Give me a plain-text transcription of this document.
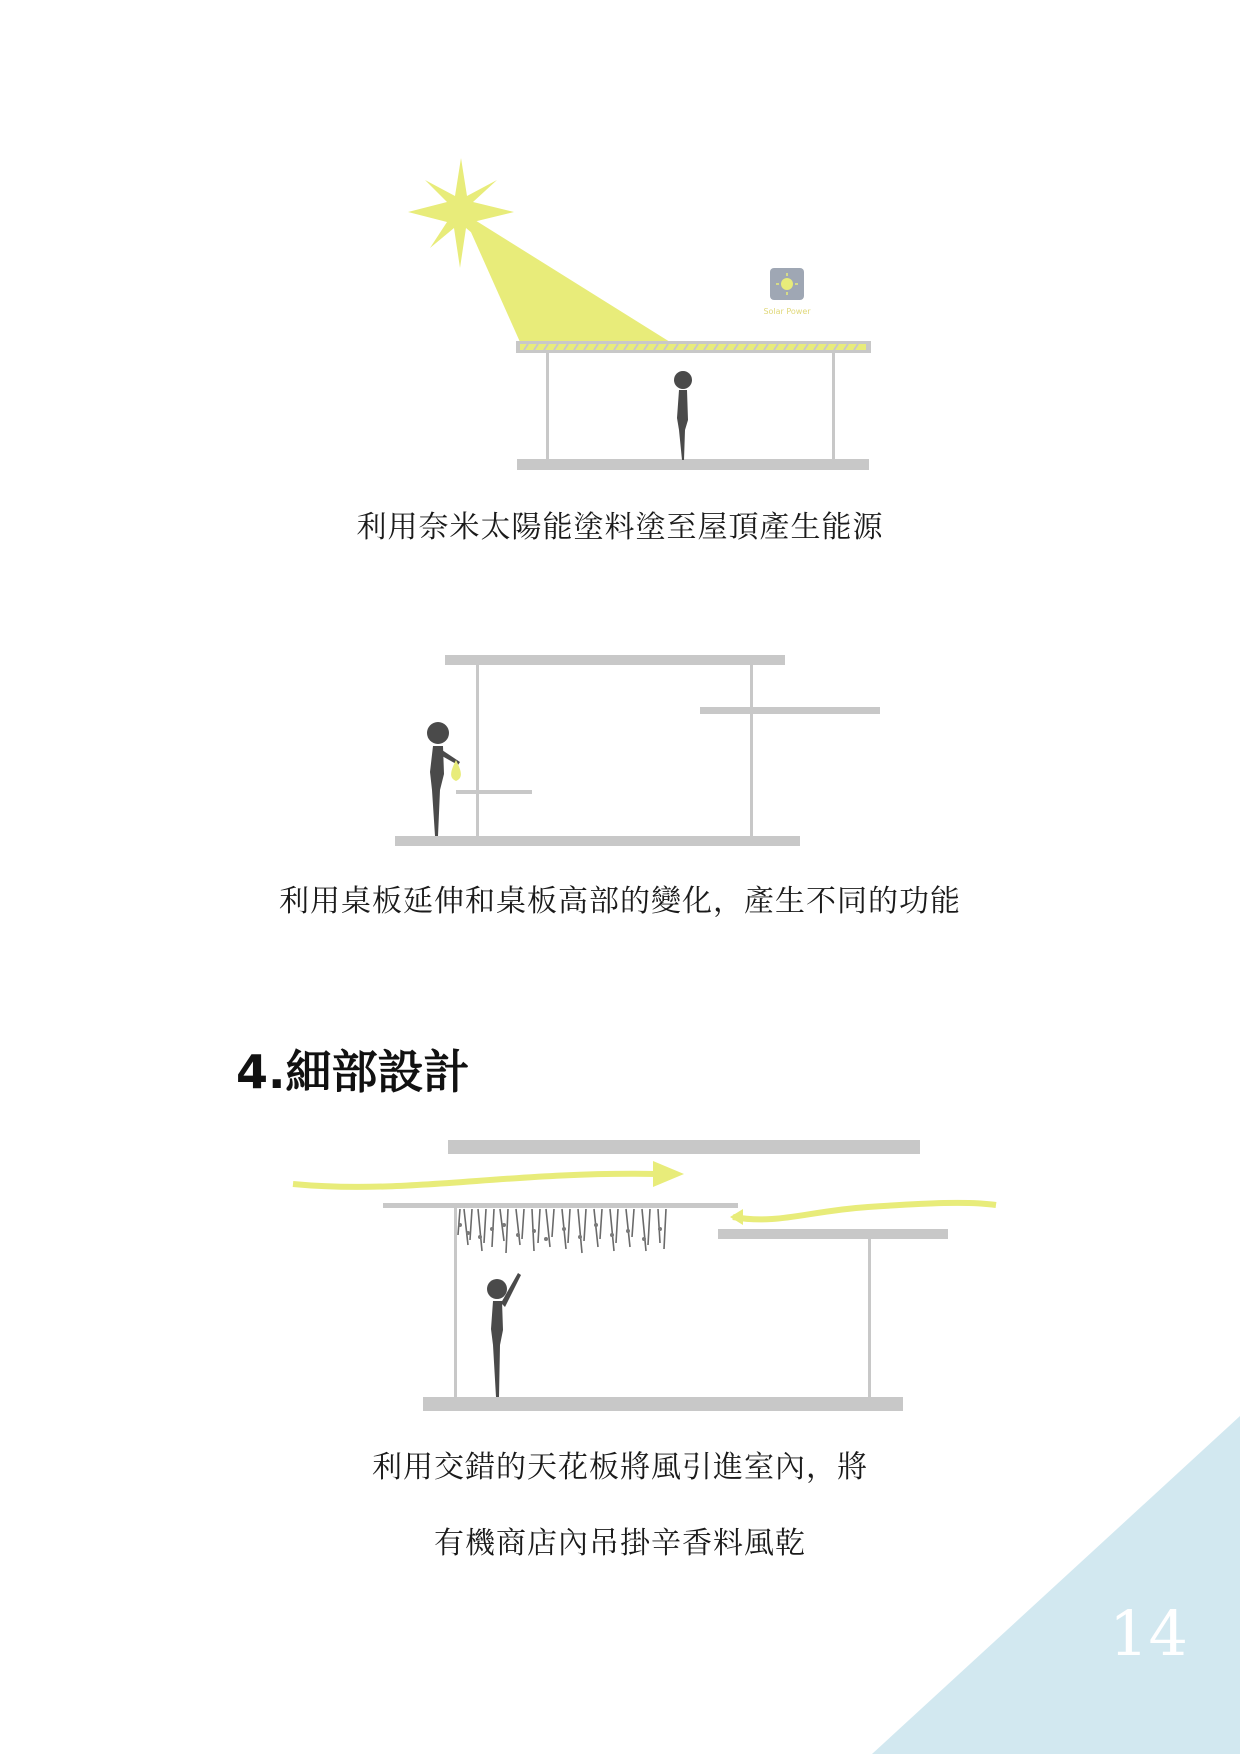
Solar Power
利用奈米太陽能塗料塗至屋頂產生能源
利用桌板延伸和桌板高部的變化，產生不同的功能
4.細部設計
利用交錯的天花板將風引進室內，將
有機商店內吊掛辛香料風乾
14
